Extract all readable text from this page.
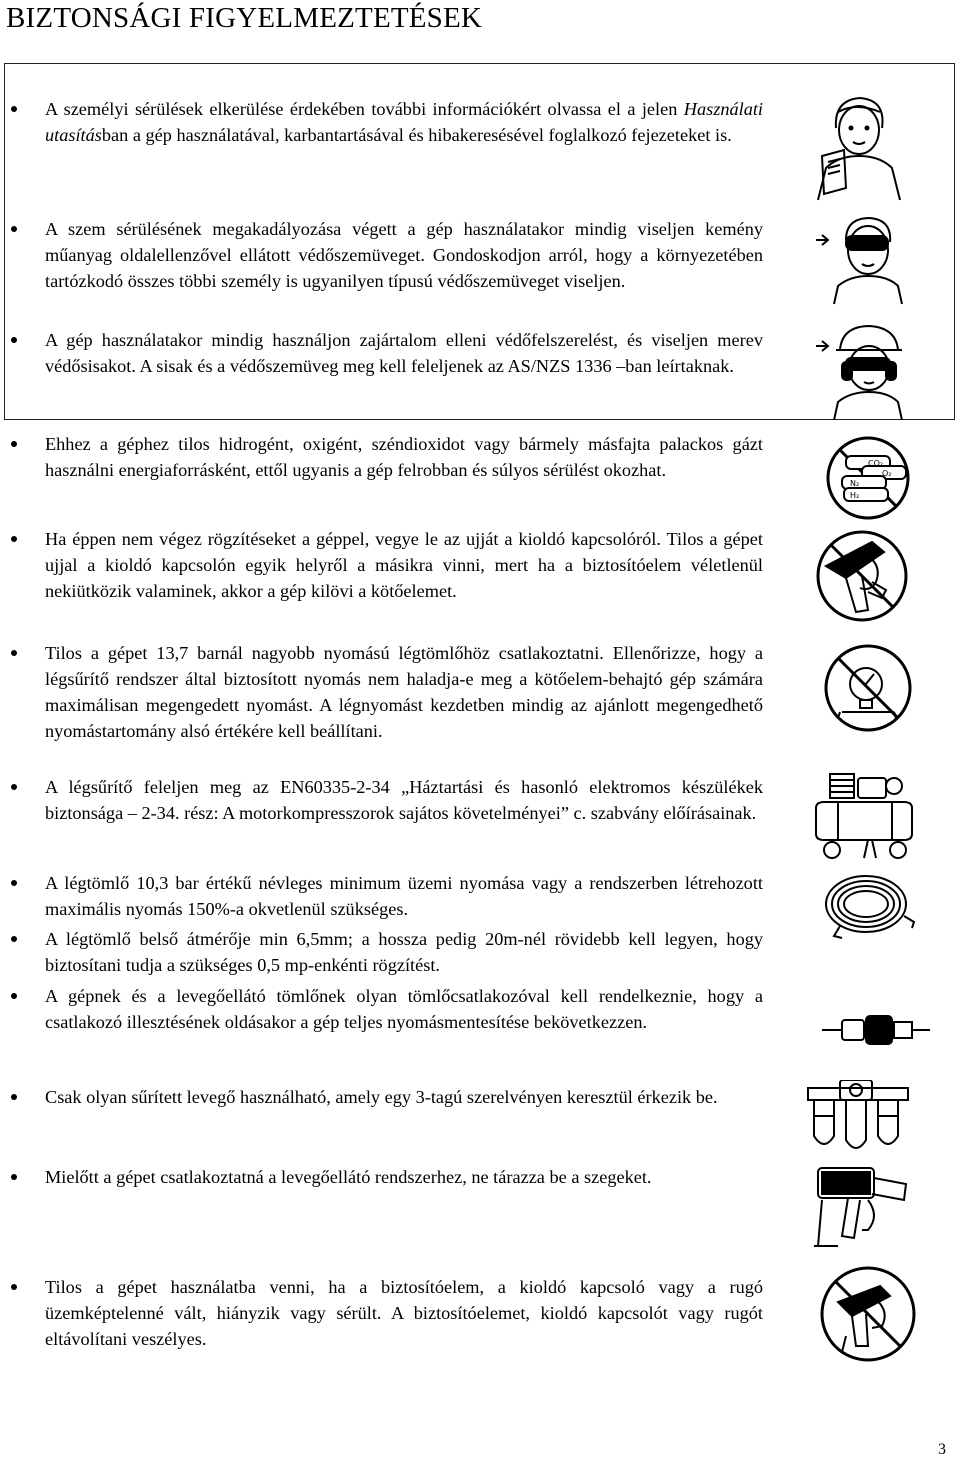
BIZTONSÁGI FIGYELMEZTETÉSEK
A személyi sérülések elkerülése érdekében további információkért olvassa el a jelen Használati utasításban a gép használatával, karbantartásával és hibakeresésével foglalkozó fejezeteket is.
A szem sérülésének megakadályozása végett a gép használatakor mindig viseljen kemény műanyag oldalellenzővel ellátott védőszemüveget. Gondoskodjon arról, hogy a környezetében tartózkodó összes többi személy is ugyanilyen típusú védőszemüveget viseljen.
A gép használatakor mindig használjon zajártalom elleni védőfelszerelést, és viseljen merev védősisakot. A sisak és a védőszemüveg meg kell feleljenek az AS/NZS 1336 –ban leírtaknak.
Ehhez a géphez tilos hidrogént, oxigént, széndioxidot vagy bármely másfajta palackos gázt használni energiaforrásként, ettől ugyanis a gép felrobban és súlyos sérülést okozhat.
Ha éppen nem végez rögzítéseket a géppel, vegye le az ujját a kioldó kapcsolóról. Tilos a gépet ujjal a kioldó kapcsolón egyik helyről a másikra vinni, mert ha a biztosítóelem véletlenül nekiütközik valaminek, akkor a gép kilövi a kötőelemet.
Tilos a gépet 13,7 barnál nagyobb nyomású légtömlőhöz csatlakoztatni. Ellenőrizze, hogy a légsűrítő rendszer által biztosított nyomás nem haladja-e meg a kötőelem-behajtó gép számára maximálisan megengedett nyomást. A légnyomást kezdetben mindig az ajánlott megengedhető nyomástartomány alsó értékére kell beállítani.
A légsűrítő feleljen meg az EN60335-2-34 „Háztartási és hasonló elektromos készülékek biztonsága – 2-34. rész: A motorkompresszorok sajátos követelményei” c. szabvány előírásainak.
A légtömlő 10,3 bar értékű névleges minimum üzemi nyomása vagy a rendszerben létrehozott maximális nyomás 150%-a okvetlenül szükséges.
A légtömlő belső átmérője min 6,5mm; a hossza pedig 20m-nél rövidebb kell legyen, hogy biztosítani tudja a szükséges 0,5 mp-enkénti rögzítést.
A gépnek és a levegőellátó tömlőnek olyan tömlőcsatlakozóval kell rendelkeznie, hogy a csatlakozó illesztésének oldásakor a gép teljes nyomásmentesítése bekövetkezzen.
Csak olyan sűrített levegő használható, amely egy 3-tagú szerelvényen keresztül érkezik be.
Mielőtt a gépet csatlakoztatná a levegőellátó rendszerhez, ne tárazza be a szegeket.
Tilos a gépet használatba venni, ha a biztosítóelem, a kioldó kapcsoló vagy a rugó üzemképtelenné vált, hiányzik vagy sérült. A biztosítóelemet, kioldó kapcsolót vagy rugót eltávolítani veszélyes.
CO₂
O₂
N₂
H₂
3
